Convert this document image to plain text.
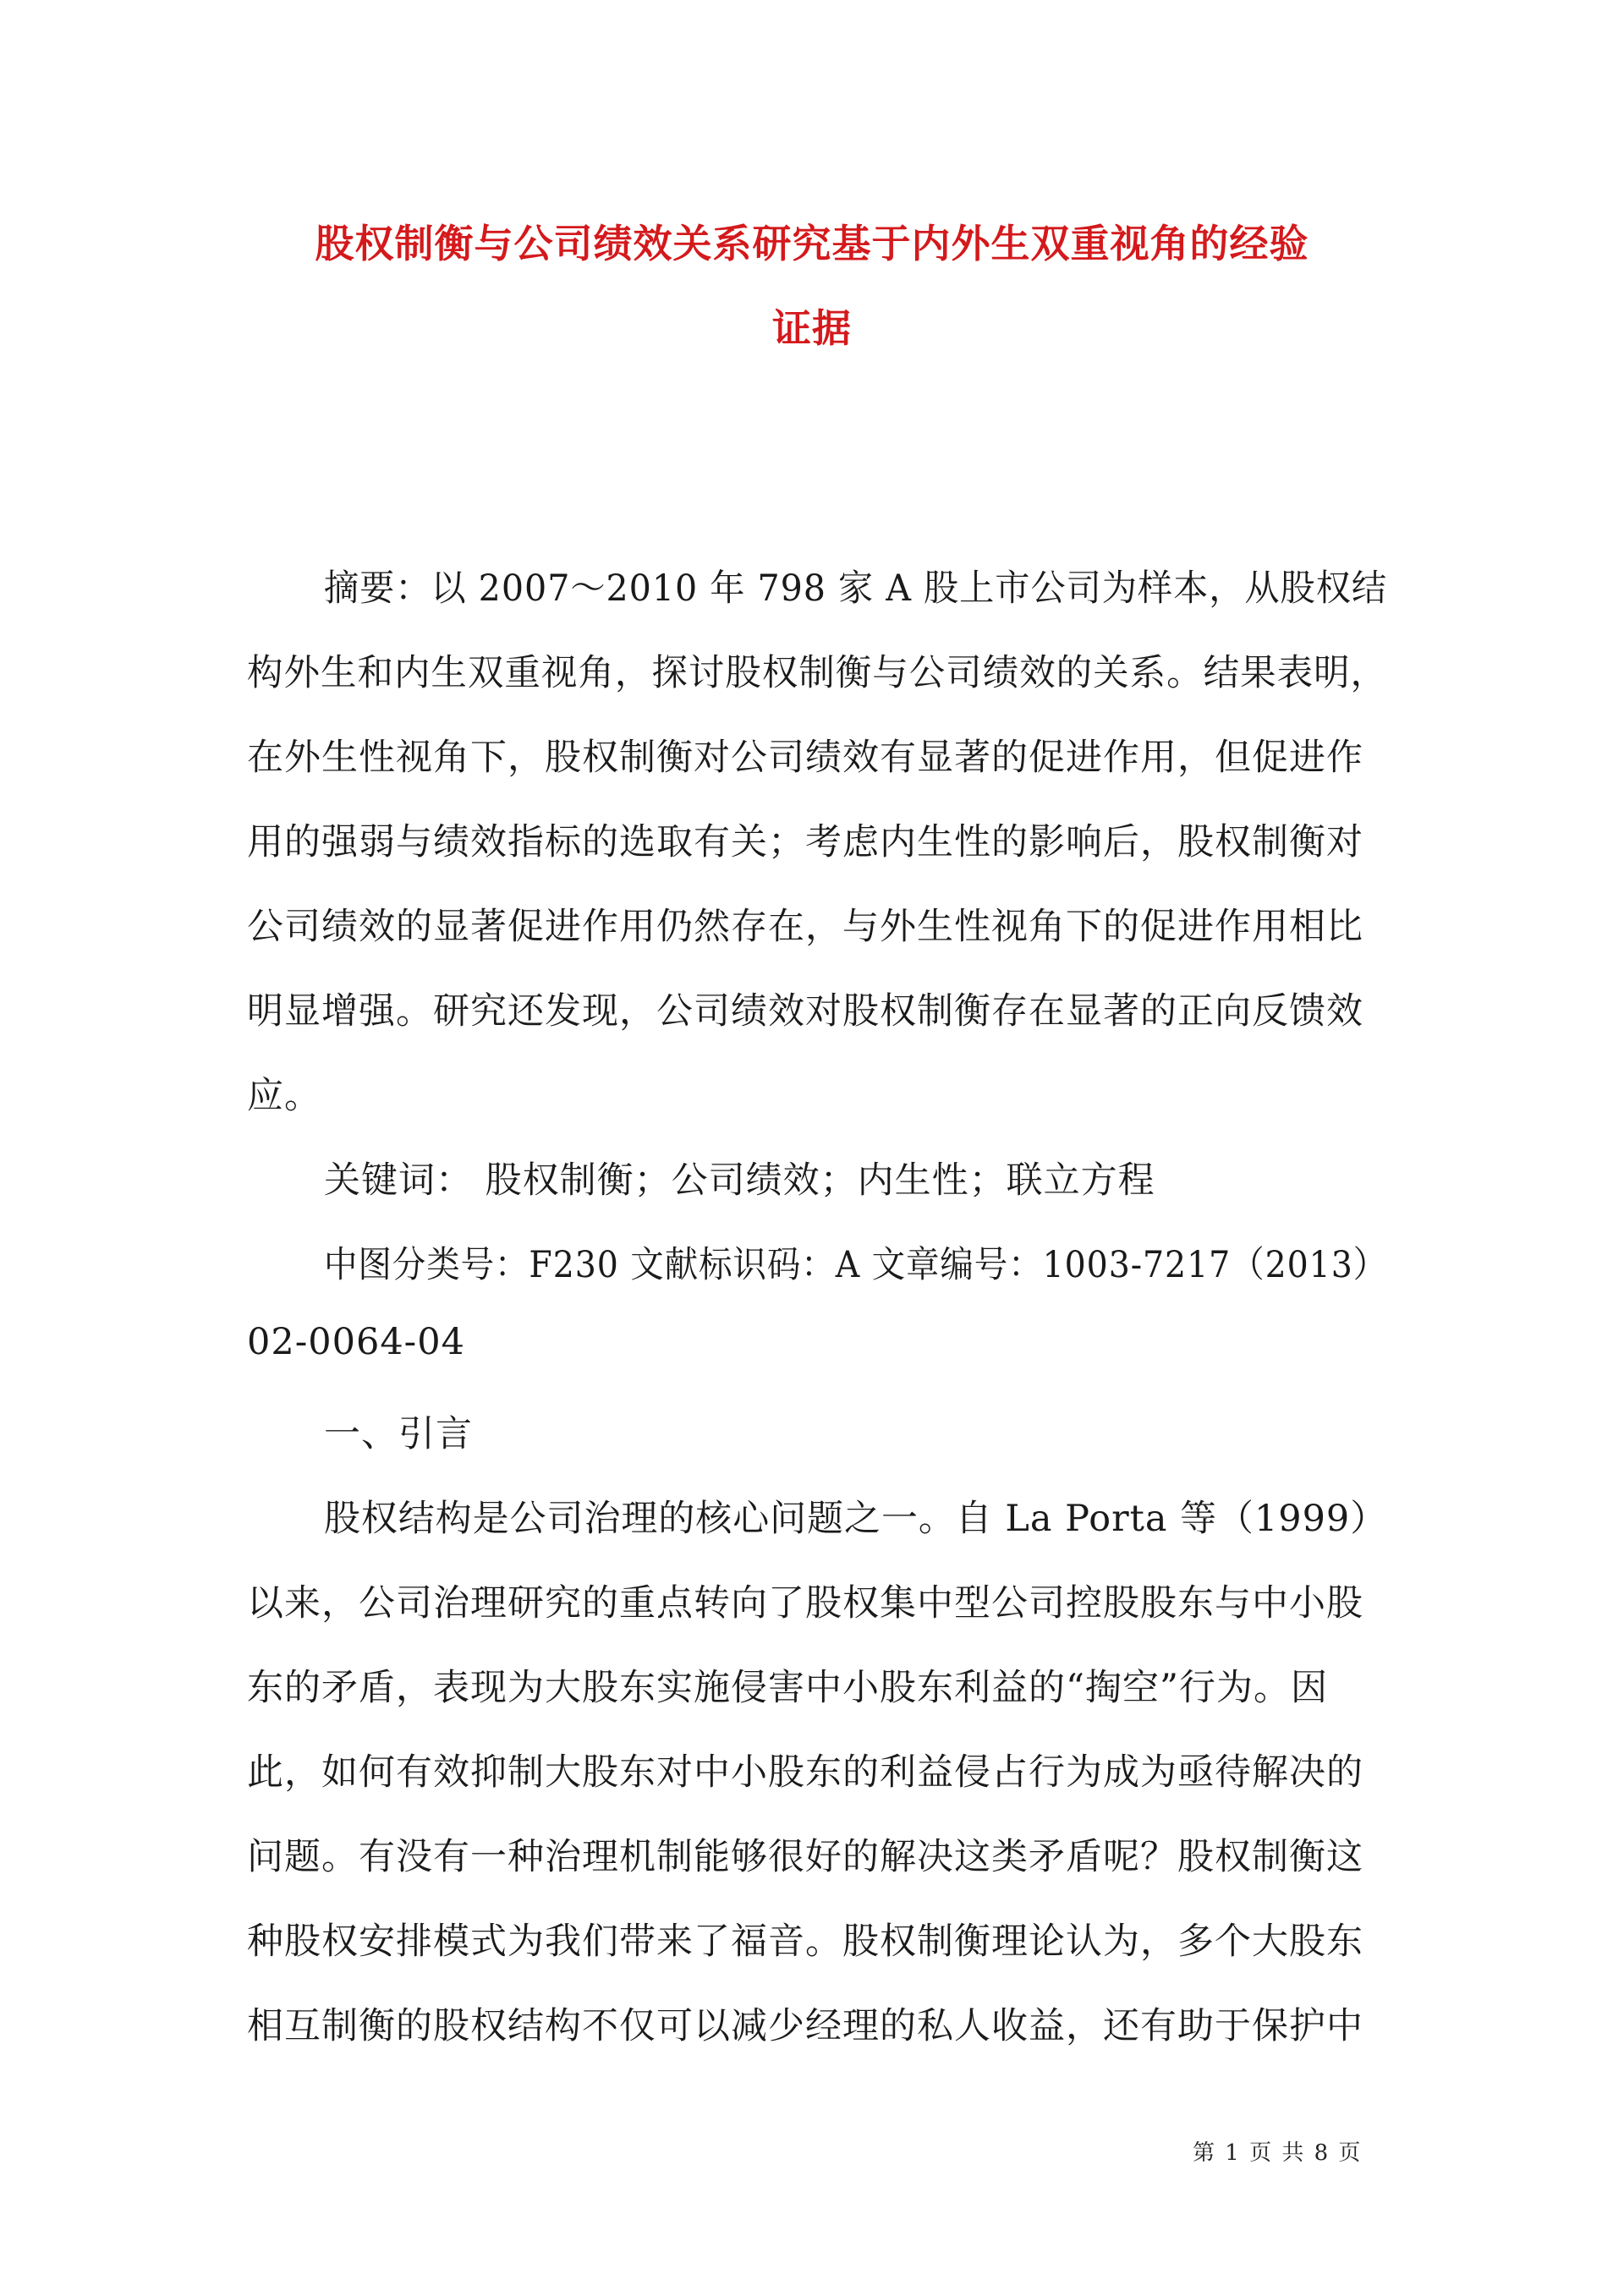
股权制衡与公司绩效关系研究基于内外生双重视角的经验
证据
摘要：以 2007～2010 年 798 家 A 股上市公司为样本，从股权结
构外生和内生双重视角，探讨股权制衡与公司绩效的关系。结果表明，
在外生性视角下，股权制衡对公司绩效有显著的促进作用，但促进作
用的强弱与绩效指标的选取有关；考虑内生性的影响后，股权制衡对
公司绩效的显著促进作用仍然存在，与外生性视角下的促进作用相比
明显增强。研究还发现，公司绩效对股权制衡存在显著的正向反馈效
应。
关键词： 股权制衡；公司绩效；内生性；联立方程
中图分类号：F230 文献标识码：A 文章编号：1003-7217（2013）
02-0064-04
一、引言
股权结构是公司治理的核心问题之一。自 La Porta 等（1999）
以来，公司治理研究的重点转向了股权集中型公司控股股东与中小股
东的矛盾，表现为大股东实施侵害中小股东利益的“掏空”行为。因
此，如何有效抑制大股东对中小股东的利益侵占行为成为亟待解决的
问题。有没有一种治理机制能够很好的解决这类矛盾呢？股权制衡这
种股权安排模式为我们带来了福音。股权制衡理论认为，多个大股东
相互制衡的股权结构不仅可以减少经理的私人收益，还有助于保护中
第 1 页 共 8 页
